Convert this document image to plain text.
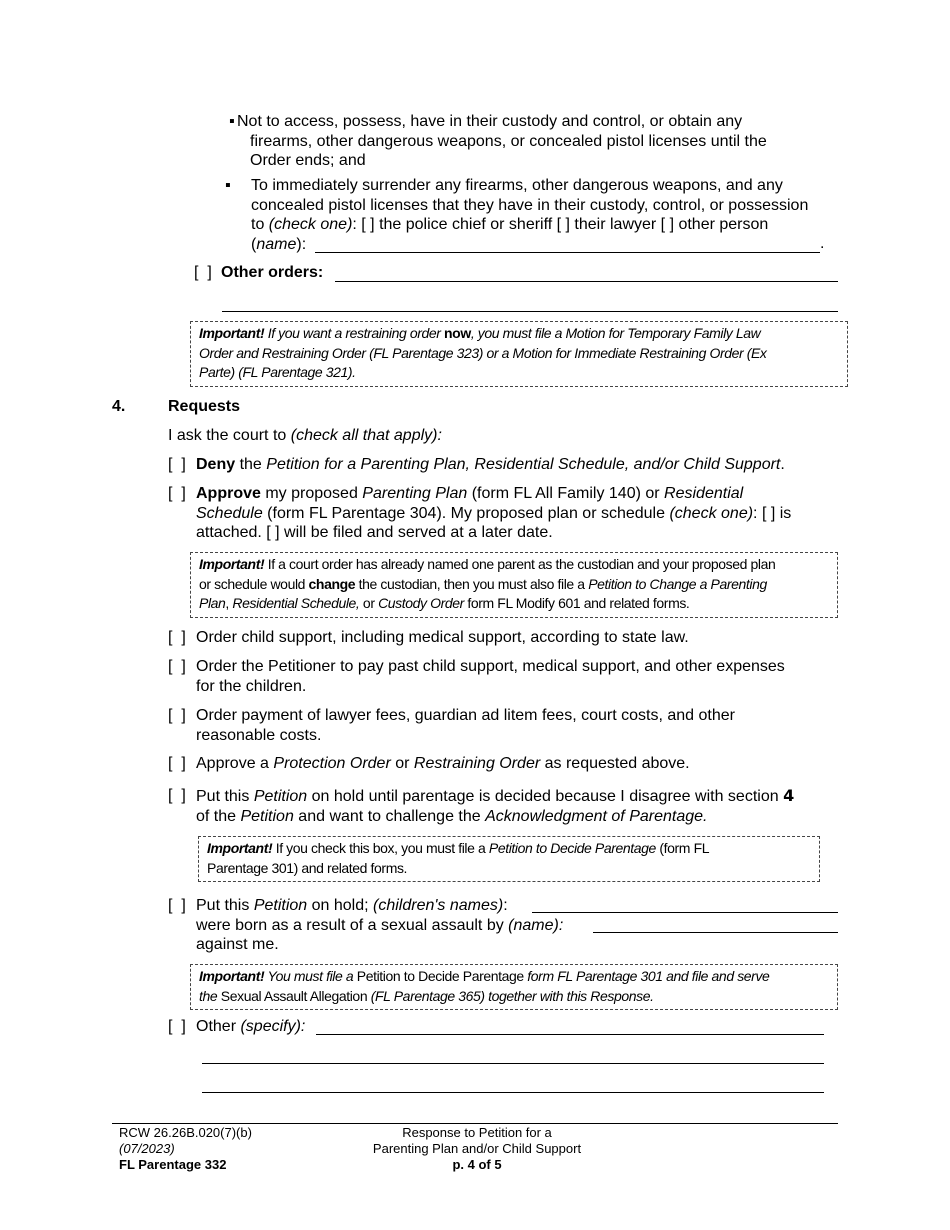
▪ Not to access, possess, have in their custody and control, or obtain any
firearms, other dangerous weapons, or concealed pistol licenses until the
Order ends; and
▪ To immediately surrender any firearms, other dangerous weapons, and any
concealed pistol licenses that they have in their custody, control, or possession
to (check one): [ ] the police chief or sheriff [ ] their lawyer [ ] other person
(name):	.
[  ] Other orders:
Important! If you want a restraining order now, you must file a Motion for Temporary Family Law
Order and Restraining Order (FL Parentage 323) or a Motion for Immediate Restraining Order (Ex
Parte) (FL Parentage 321).
4.	Requests
I ask the court to (check all that apply):
[  ] Deny the Petition for a Parenting Plan, Residential Schedule, and/or Child Support.
[  ] Approve my proposed Parenting Plan (form FL All Family 140) or Residential
Schedule (form FL Parentage 304). My proposed plan or schedule (check one): [ ] is
attached. [ ] will be filed and served at a later date.
Important! If a court order has already named one parent as the custodian and your proposed plan
or schedule would change the custodian, then you must also file a Petition to Change a Parenting
Plan, Residential Schedule, or Custody Order form FL Modify 601 and related forms.
[  ] Order child support, including medical support, according to state law.
[  ] Order the Petitioner to pay past child support, medical support, and other expenses
for the children.
[  ] Order payment of lawyer fees, guardian ad litem fees, court costs, and other
reasonable costs.
[  ] Approve a Protection Order or Restraining Order as requested above.
[  ] Put this Petition on hold until parentage is decided because I disagree with section 4
of the Petition and want to challenge the Acknowledgment of Parentage.
Important! If you check this box, you must file a Petition to Decide Parentage (form FL
Parentage 301) and related forms.
[  ] Put this Petition on hold; (children's names):
were born as a result of a sexual assault by (name):
against me.
Important! You must file a Petition to Decide Parentage form FL Parentage 301 and file and serve
the Sexual Assault Allegation (FL Parentage 365) together with this Response.
[  ] Other (specify):
RCW 26.26B.020(7)(b)
(07/2023)
FL Parentage 332
Response to Petition for a
Parenting Plan and/or Child Support
p. 4 of 5
